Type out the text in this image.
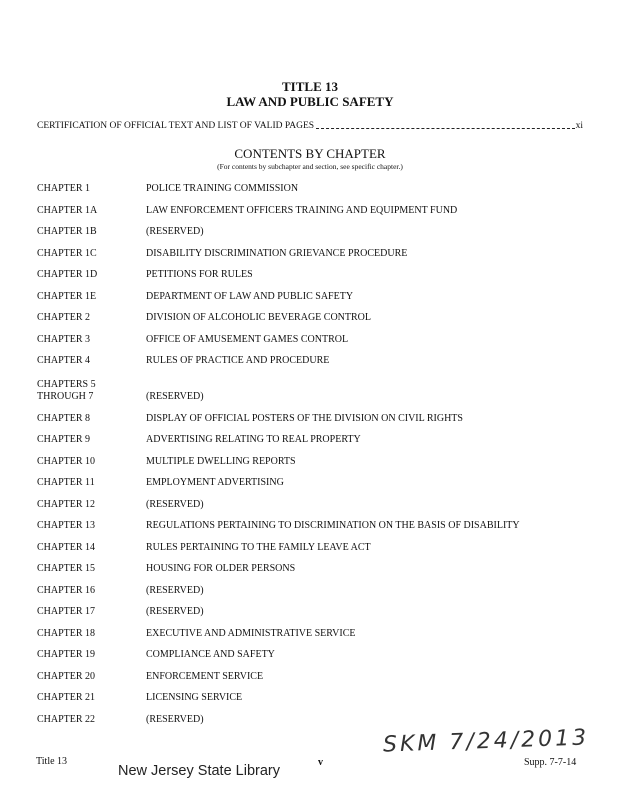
TITLE 13
LAW AND PUBLIC SAFETY
CERTIFICATION OF OFFICIAL TEXT AND LIST OF VALID PAGES	xi
CONTENTS BY CHAPTER
(For contents by subchapter and section, see specific chapter.)
CHAPTER 1	POLICE TRAINING COMMISSION
CHAPTER 1A	LAW ENFORCEMENT OFFICERS TRAINING AND EQUIPMENT FUND
CHAPTER 1B	(RESERVED)
CHAPTER 1C	DISABILITY DISCRIMINATION GRIEVANCE PROCEDURE
CHAPTER 1D	PETITIONS FOR RULES
CHAPTER 1E	DEPARTMENT OF LAW AND PUBLIC SAFETY
CHAPTER 2	DIVISION OF ALCOHOLIC BEVERAGE CONTROL
CHAPTER 3	OFFICE OF AMUSEMENT GAMES CONTROL
CHAPTER 4	RULES OF PRACTICE AND PROCEDURE
CHAPTERS 5
THROUGH 7	(RESERVED)
CHAPTER 8	DISPLAY OF OFFICIAL POSTERS OF THE DIVISION ON CIVIL RIGHTS
CHAPTER 9	ADVERTISING RELATING TO REAL PROPERTY
CHAPTER 10	MULTIPLE DWELLING REPORTS
CHAPTER 11	EMPLOYMENT ADVERTISING
CHAPTER 12	(RESERVED)
CHAPTER 13	REGULATIONS PERTAINING TO DISCRIMINATION ON THE BASIS OF DISABILITY
CHAPTER 14	RULES PERTAINING TO THE FAMILY LEAVE ACT
CHAPTER 15	HOUSING FOR OLDER PERSONS
CHAPTER 16	(RESERVED)
CHAPTER 17	(RESERVED)
CHAPTER 18	EXECUTIVE AND ADMINISTRATIVE SERVICE
CHAPTER 19	COMPLIANCE AND SAFETY
CHAPTER 20	ENFORCEMENT SERVICE
CHAPTER 21	LICENSING SERVICE
CHAPTER 22	(RESERVED)
SKM 7/24/2013
Title 13
New Jersey State Library
v	Supp. 7-7-14
